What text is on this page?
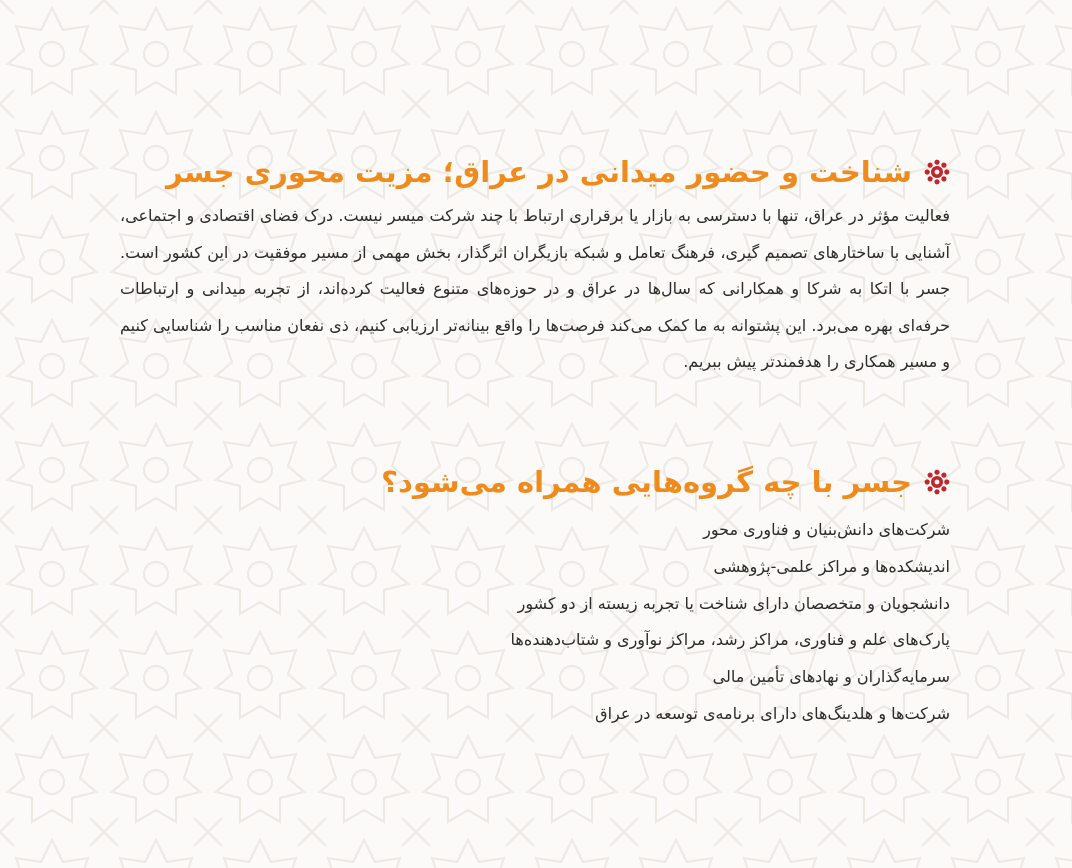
شناخت و حضور میدانی در عراق؛ مزیت محوری جسر

فعالیت مؤثر در عراق، تنها با دسترسی به بازار یا برقراری ارتباط با چند شرکت میسر نیست. درک فضای اقتصادی و اجتماعی، آشنایی با ساختارهای تصمیم گیری، فرهنگ تعامل و شبکه بازیگران اثرگذار، بخش مهمی از مسیر موفقیت در این کشور است. جسر با اتکا به شرکا و همکارانی که سال‌ها در عراق و در حوزه‌های متنوع فعالیت کرده‌اند، از تجربه میدانی و ارتباطات حرفه‌ای بهره می‌برد. این پشتوانه به ما کمک می‌کند فرصت‌ها را واقع بینانه‌تر ارزیابی کنیم، ذی نفعان مناسب را شناسایی کنیم و مسیر همکاری را هدفمندتر پیش ببریم.

جسر با چه گروه‌هایی همراه می‌شود؟
شرکت‌های دانش‌بنیان و فناوری محور
اندیشکده‌ها و مراکز علمی-پژوهشی
دانشجویان و متخصصان دارای شناخت یا تجربه زیسته از دو کشور
پارک‌های علم و فناوری، مراکز رشد، مراکز نوآوری و شتاب‌دهنده‌ها
سرمایه‌گذاران و نهادهای تأمین مالی
شرکت‌ها و هلدینگ‌های دارای برنامه‌ی توسعه در عراق
